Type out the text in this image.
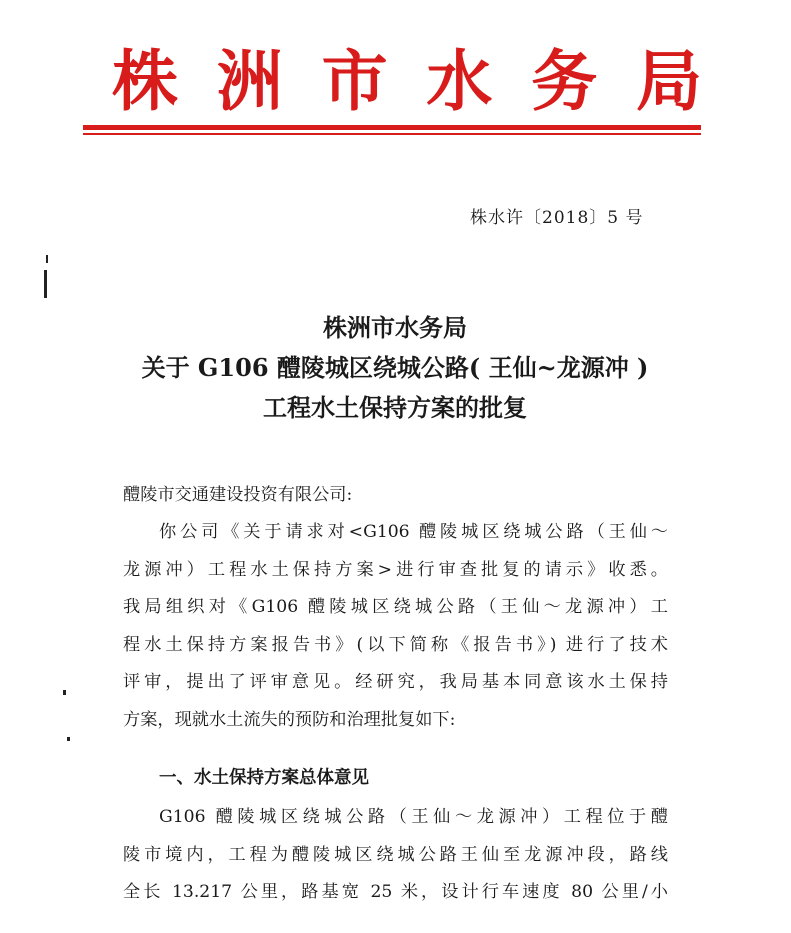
株 洲 市 水 务 局
株水许〔2018〕5 号
株洲市水务局
关于 G106 醴陵城区绕城公路( 王仙~龙源冲 )
工程水土保持方案的批复
醴陵市交通建设投资有限公司:
你公司《关于请求对<G106 醴陵城区绕城公路（王仙～
龙源冲）工程水土保持方案>进行审查批复的请示》收悉。
我局组织对《G106 醴陵城区绕城公路（王仙～龙源冲）工
程水土保持方案报告书》(以下简称《报告书》) 进行了技术
评审，提出了评审意见。经研究，我局基本同意该水土保持
方案，现就水土流失的预防和治理批复如下:
一、水土保持方案总体意见
G106 醴陵城区绕城公路（王仙～龙源冲）工程位于醴
陵市境内，工程为醴陵城区绕城公路王仙至龙源冲段，路线
全长 13.217 公里，路基宽 25 米，设计行车速度 80 公里/小
